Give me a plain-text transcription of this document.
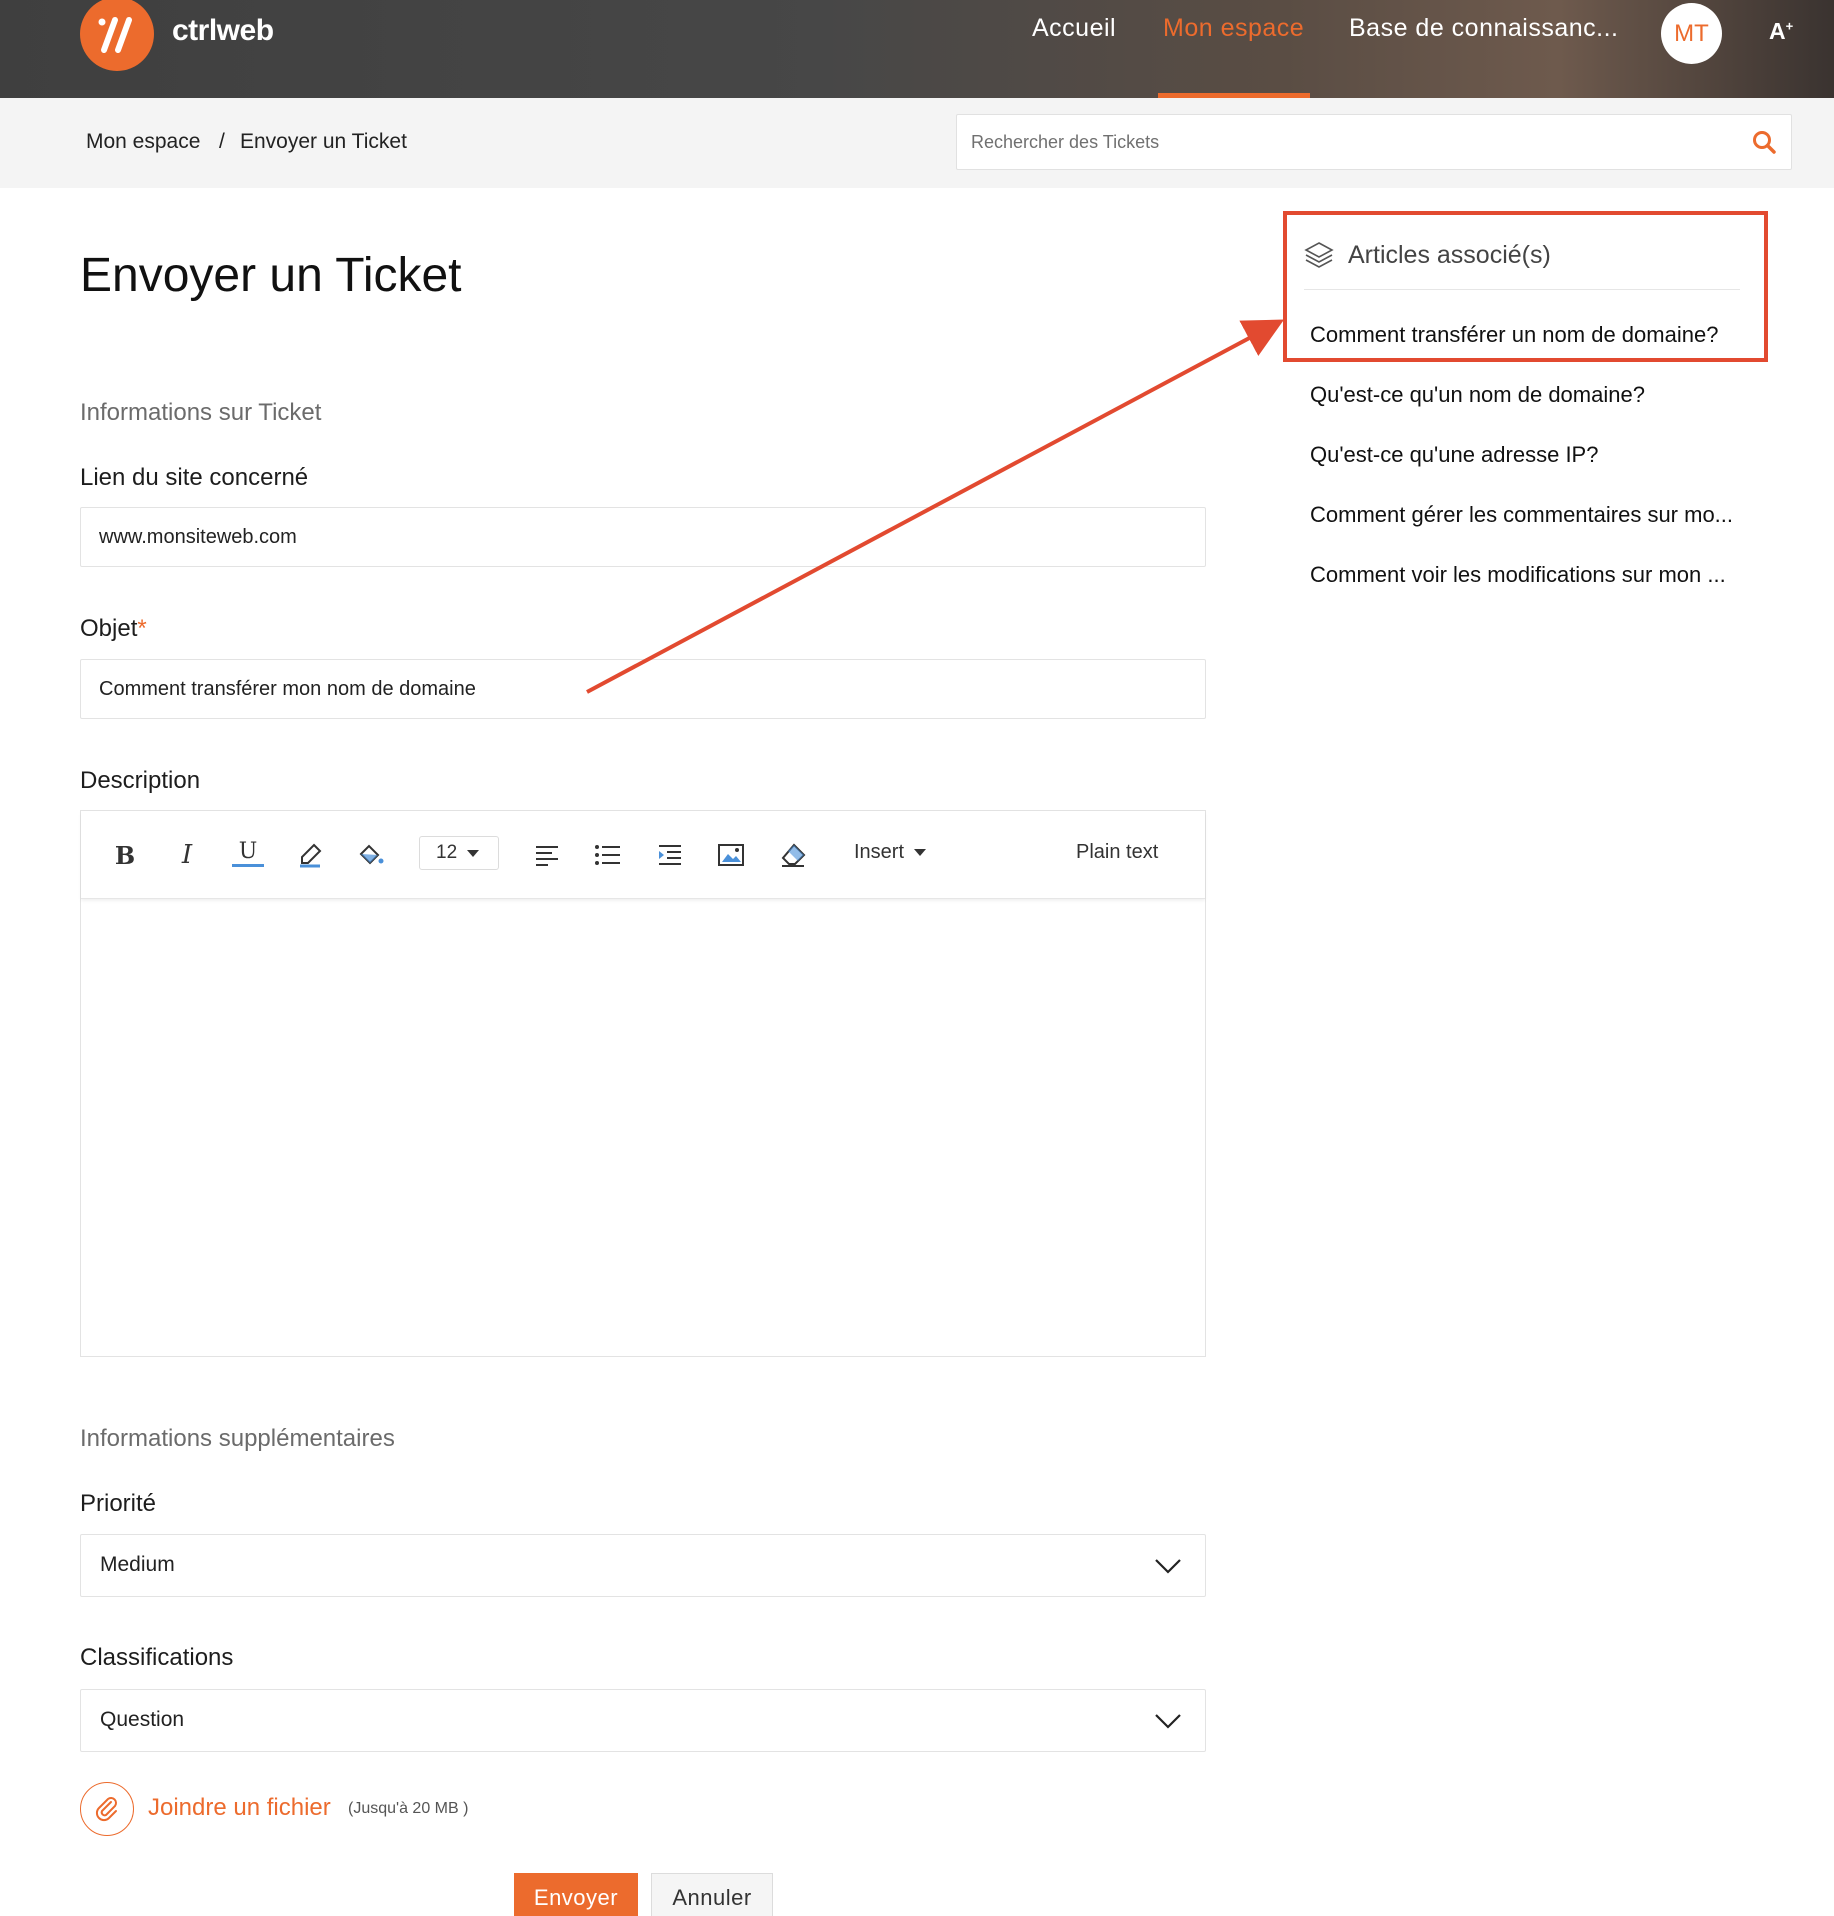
ctrlweb	Accueil Mon espace Base de connaissanc...	MT	A+
Mon espace / Envoyer un Ticket
Rechercher des Tickets
Envoyer un Ticket
Informations sur Ticket
Lien du site concerné
www.monsiteweb.com
Objet*
Comment transférer mon nom de domaine
Description
B	I	U	12	Insert	Plain text
Informations supplémentaires
Priorité
Medium
Classifications
Question
Joindre un fichier (Jusqu'à 20 MB )
Envoyer	Annuler
Articles associé(s)
Comment transférer un nom de domaine?
Qu'est-ce qu'un nom de domaine?
Qu'est-ce qu'une adresse IP?
Comment gérer les commentaires sur mo...
Comment voir les modifications sur mon ...
